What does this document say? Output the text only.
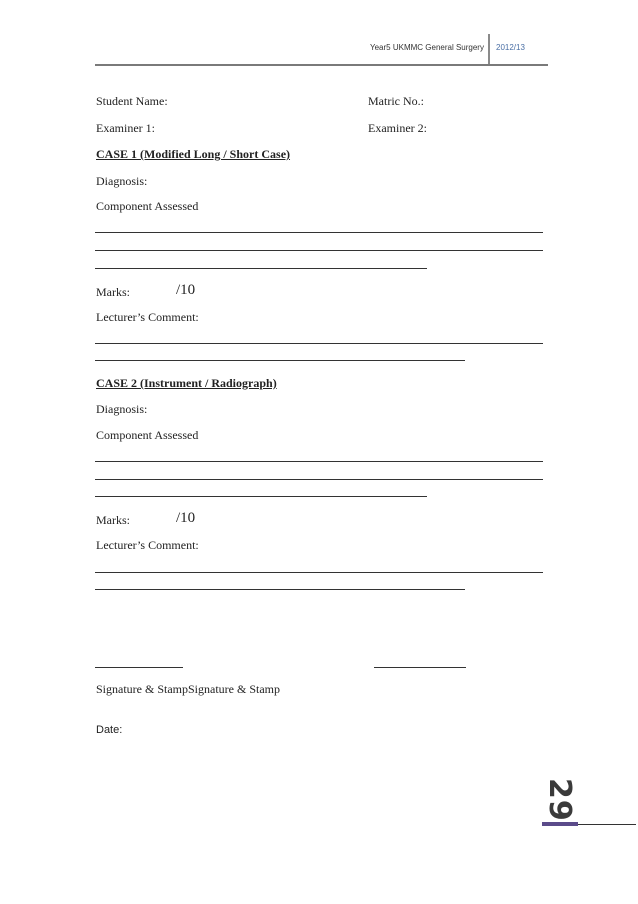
Year5 UKMMC General Surgery 2012/13
Student Name:	Matric No.:
Examiner 1:	Examiner 2:
CASE 1 (Modified Long / Short Case)
Diagnosis:
Component Assessed
Marks:	/10
Lecturer’s Comment:
CASE 2 (Instrument / Radiograph)
Diagnosis:
Component Assessed
Marks:	/10
Lecturer’s Comment:
Signature & StampSignature & Stamp
Date:
29
